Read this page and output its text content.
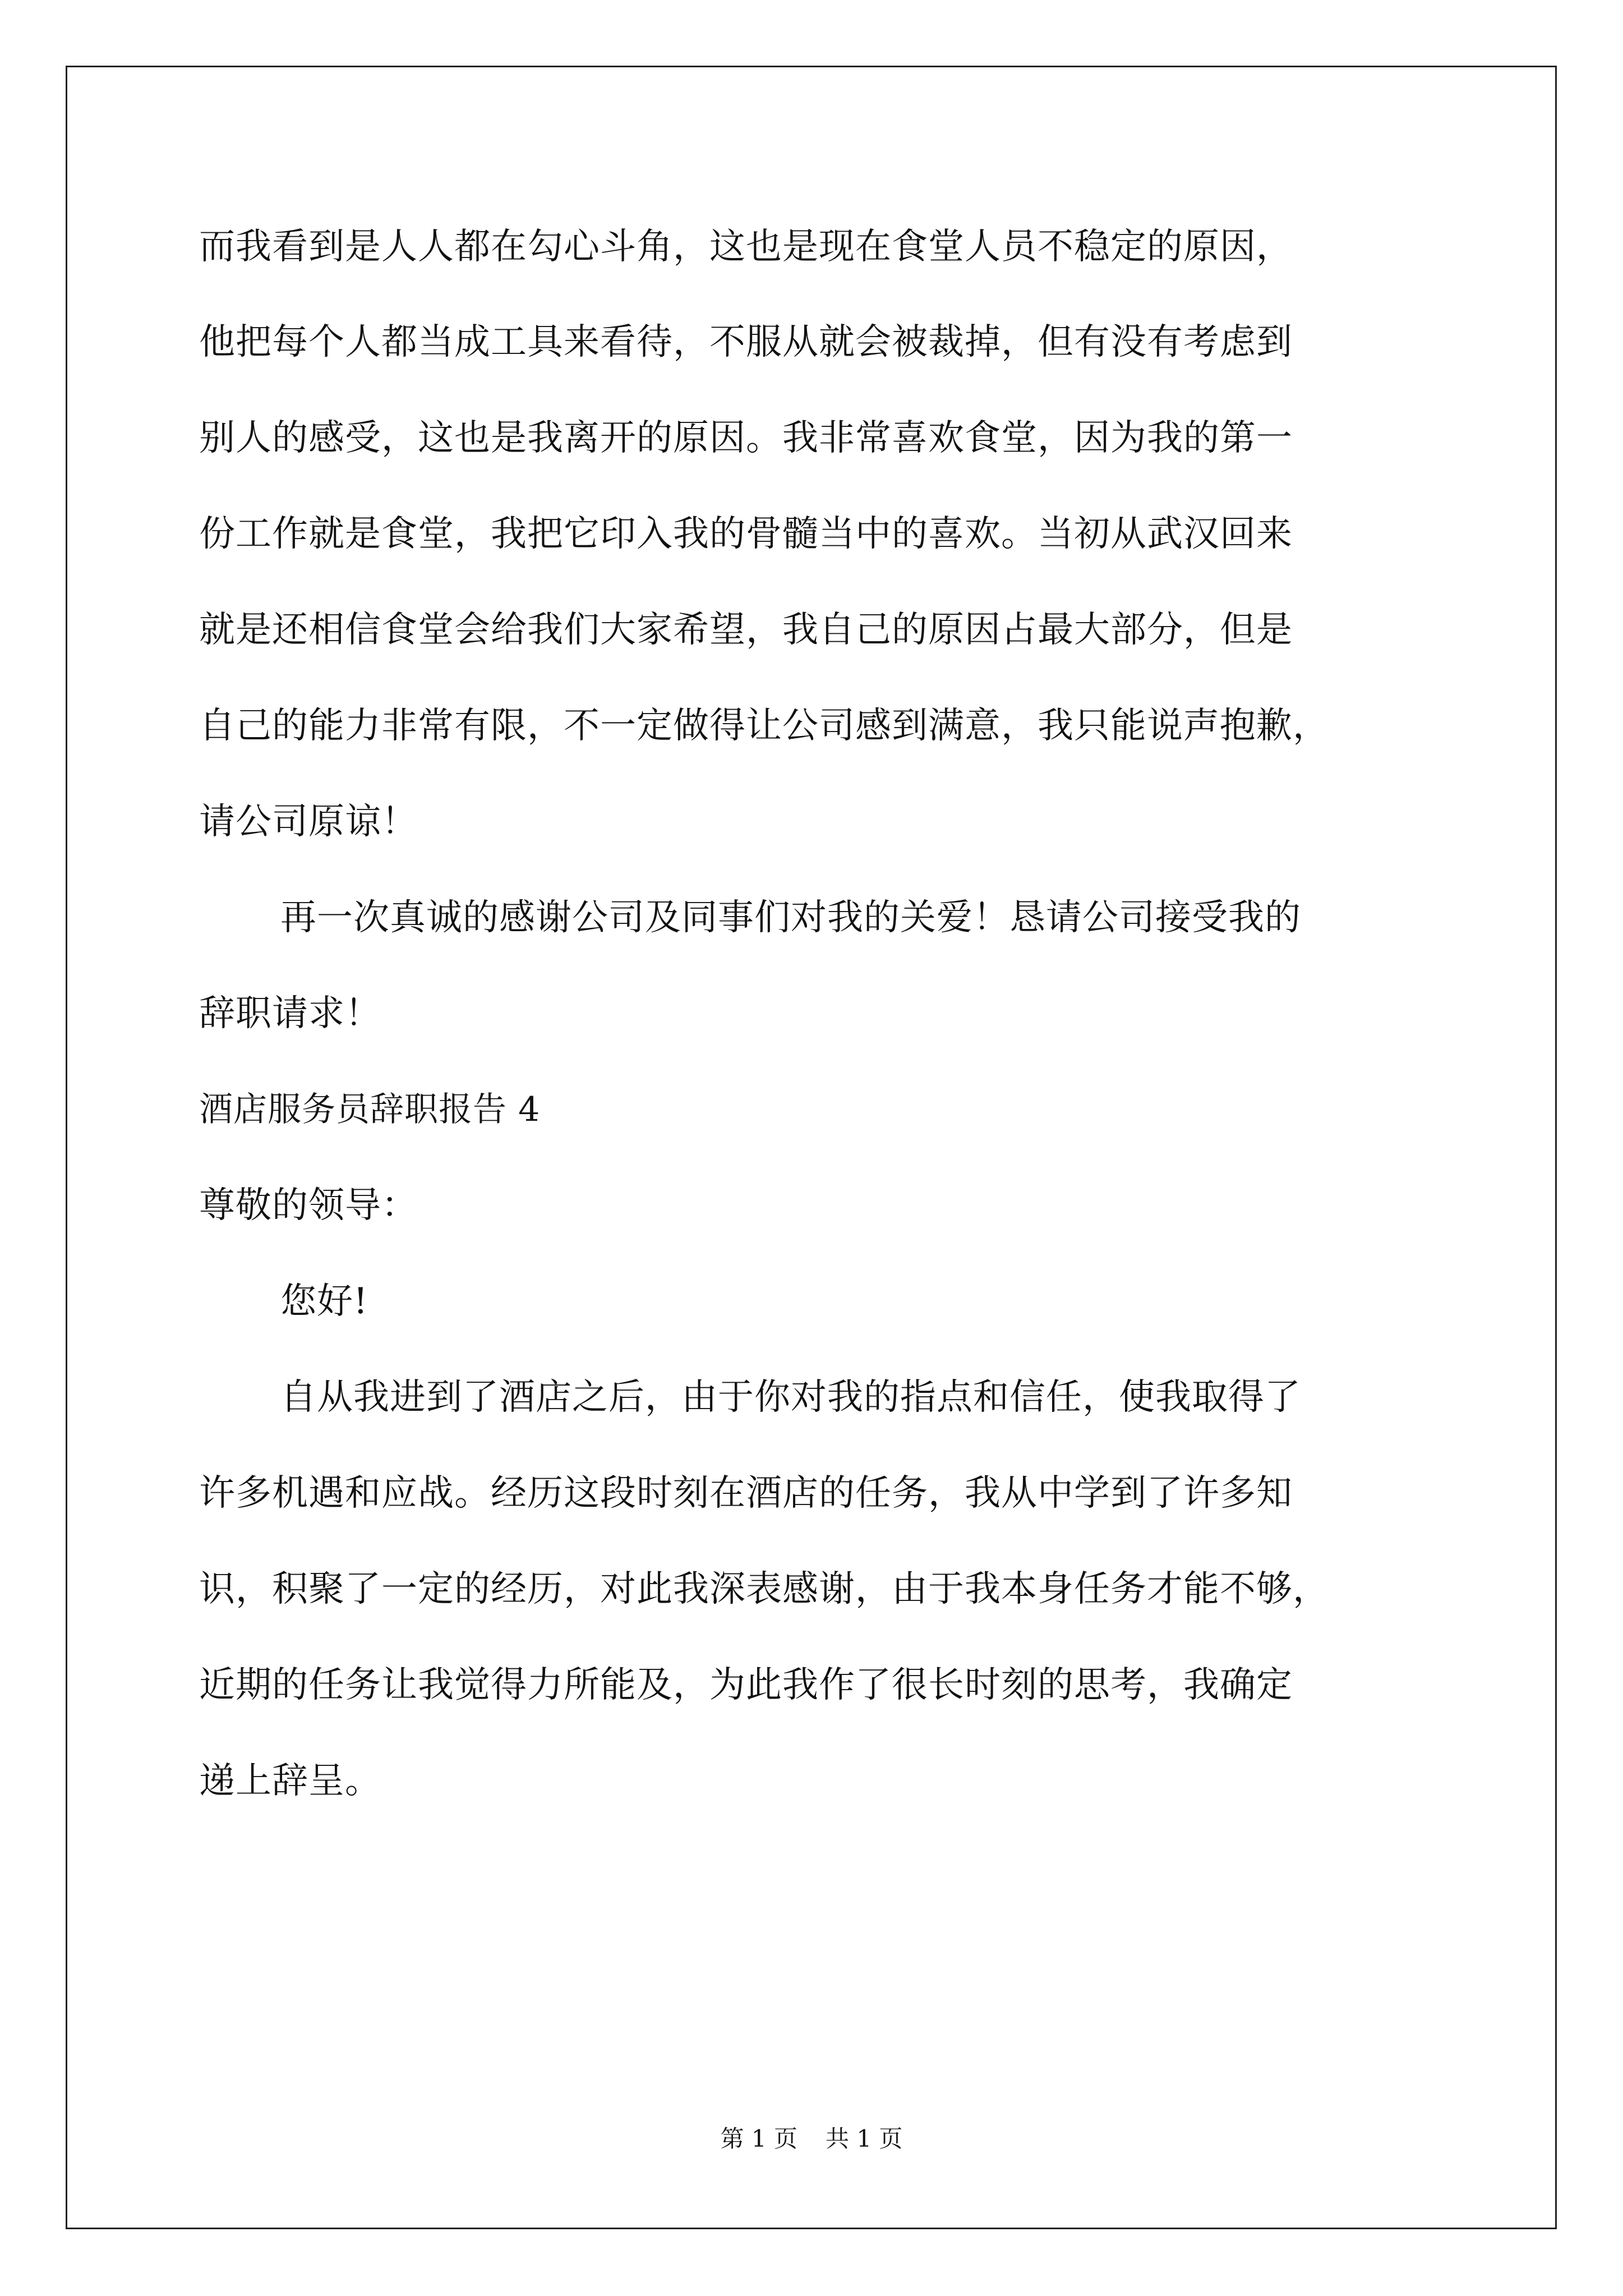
而我看到是人人都在勾心斗角，这也是现在食堂人员不稳定的原因，
他把每个人都当成工具来看待，不服从就会被裁掉，但有没有考虑到
别人的感受，这也是我离开的原因。我非常喜欢食堂，因为我的第一
份工作就是食堂，我把它印入我的骨髓当中的喜欢。当初从武汉回来
就是还相信食堂会给我们大家希望，我自己的原因占最大部分，但是
自己的能力非常有限，不一定做得让公司感到满意，我只能说声抱歉，
请公司原谅！
再一次真诚的感谢公司及同事们对我的关爱！恳请公司接受我的
辞职请求！
酒店服务员辞职报告 4
尊敬的领导：
您好!
自从我进到了酒店之后，由于你对我的指点和信任，使我取得了
许多机遇和应战。经历这段时刻在酒店的任务，我从中学到了许多知
识，积聚了一定的经历，对此我深表感谢，由于我本身任务才能不够，
近期的任务让我觉得力所能及，为此我作了很长时刻的思考，我确定
递上辞呈。
第 1 页 共 1 页
